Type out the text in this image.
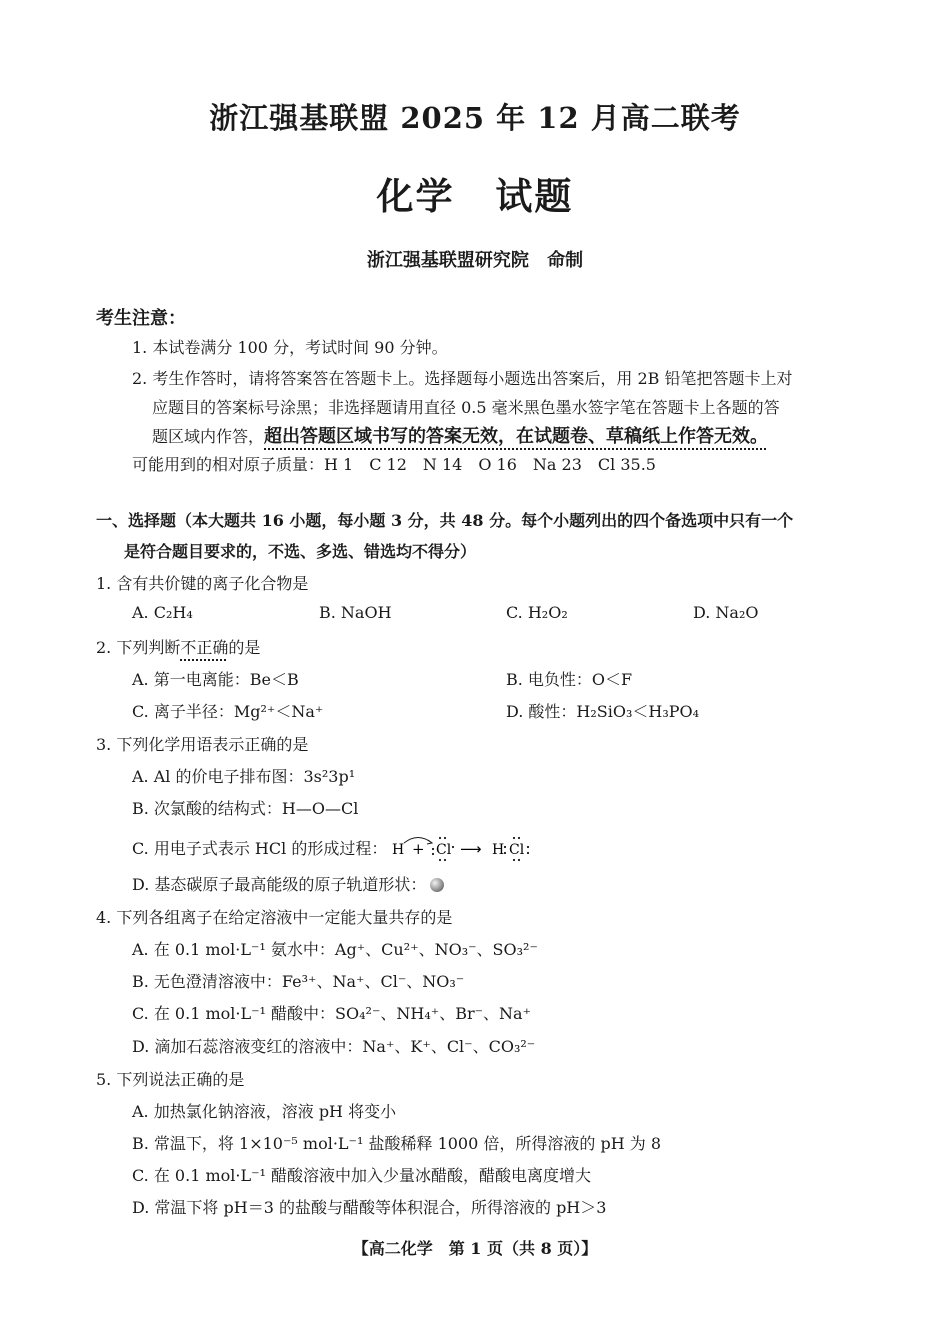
浙江强基联盟 2025 年 12 月高二联考
化学 试题
浙江强基联盟研究院 命制
考生注意：
1. 本试卷满分 100 分，考试时间 90 分钟。
2. 考生作答时，请将答案答在答题卡上。选择题每小题选出答案后，用 2B 铅笔把答题卡上对
应题目的答案标号涂黑；非选择题请用直径 0.5 毫米黑色墨水签字笔在答题卡上各题的答
题区域内作答，超出答题区域书写的答案无效，在试题卷、草稿纸上作答无效。
可能用到的相对原子质量：H 1　C 12　N 14　O 16　Na 23　Cl 35.5
一、选择题（本大题共 16 小题，每小题 3 分，共 48 分。每个小题列出的四个备选项中只有一个
是符合题目要求的，不选、多选、错选均不得分）
1. 含有共价键的离子化合物是
A. C₂H₄	B. NaOH	C. H₂O₂	D. Na₂O
2. 下列判断不正确的是
A. 第一电离能：Be＜B	B. 电负性：O＜F
C. 离子半径：Mg²⁺＜Na⁺	D. 酸性：H₂SiO₃＜H₃PO₄
3. 下列化学用语表示正确的是
A. Al 的价电子排布图：3s²3p¹
B. 次氯酸的结构式：H—O—Cl
C. 用电子式表示 HCl 的形成过程： H + Cl ⟶ H Cl
D. 基态碳原子最高能级的原子轨道形状：
4. 下列各组离子在给定溶液中一定能大量共存的是
A. 在 0.1 mol·L⁻¹ 氨水中：Ag⁺、Cu²⁺、NO₃⁻、SO₃²⁻
B. 无色澄清溶液中：Fe³⁺、Na⁺、Cl⁻、NO₃⁻
C. 在 0.1 mol·L⁻¹ 醋酸中：SO₄²⁻、NH₄⁺、Br⁻、Na⁺
D. 滴加石蕊溶液变红的溶液中：Na⁺、K⁺、Cl⁻、CO₃²⁻
5. 下列说法正确的是
A. 加热氯化钠溶液，溶液 pH 将变小
B. 常温下，将 1×10⁻⁵ mol·L⁻¹ 盐酸稀释 1000 倍，所得溶液的 pH 为 8
C. 在 0.1 mol·L⁻¹ 醋酸溶液中加入少量冰醋酸，醋酸电离度增大
D. 常温下将 pH＝3 的盐酸与醋酸等体积混合，所得溶液的 pH＞3
【高二化学　第 1 页（共 8 页）】
